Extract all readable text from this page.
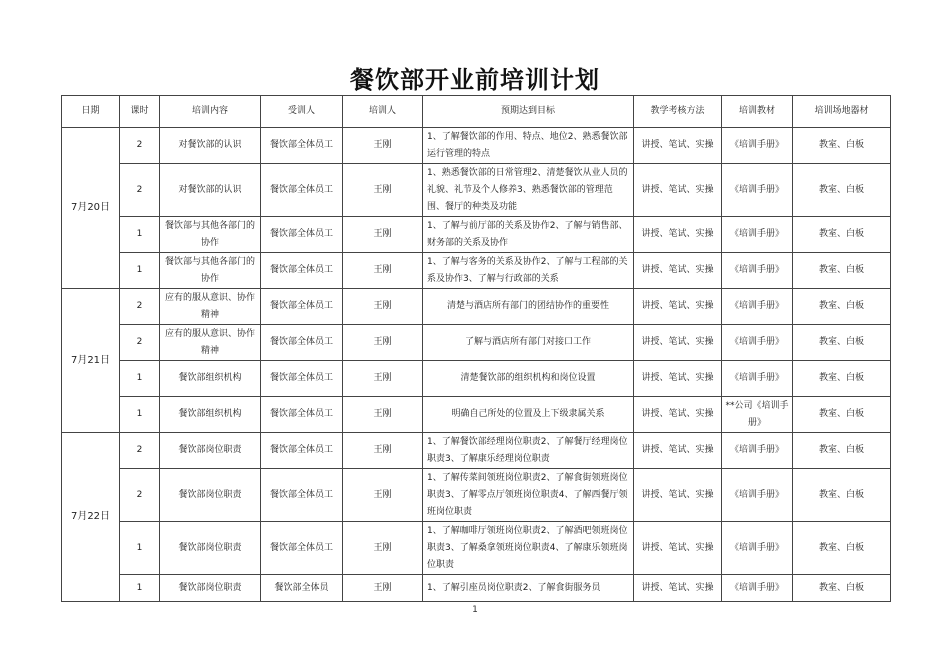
餐饮部开业前培训计划
日期	课时	培训内容	受训人	培训人	预期达到目标	教学考核方法	培训教材	培训场地器材
7月20日	2	对餐饮部的认识	餐饮部全体员工	王刚	1、了解餐饮部的作用、特点、地位2、熟悉餐饮部运行管理的特点	讲授、笔试、实操	《培训手册》	教室、白板
	2	对餐饮部的认识	餐饮部全体员工	王刚	1、熟悉餐饮部的日常管理2、清楚餐饮从业人员的礼貌、礼节及个人修养3、熟悉餐饮部的管理范围、餐厅的种类及功能	讲授、笔试、实操	《培训手册》	教室、白板
	1	餐饮部与其他各部门的协作	餐饮部全体员工	王刚	1、了解与前厅部的关系及协作2、了解与销售部、财务部的关系及协作	讲授、笔试、实操	《培训手册》	教室、白板
	1	餐饮部与其他各部门的协作	餐饮部全体员工	王刚	1、了解与客务的关系及协作2、了解与工程部的关系及协作3、了解与行政部的关系	讲授、笔试、实操	《培训手册》	教室、白板
7月21日	2	应有的服从意识、协作精神	餐饮部全体员工	王刚	清楚与酒店所有部门的团结协作的重要性	讲授、笔试、实操	《培训手册》	教室、白板
	2	应有的服从意识、协作精神	餐饮部全体员工	王刚	了解与酒店所有部门对接口工作	讲授、笔试、实操	《培训手册》	教室、白板
	1	餐饮部组织机构	餐饮部全体员工	王刚	清楚餐饮部的组织机构和岗位设置	讲授、笔试、实操	《培训手册》	教室、白板
	1	餐饮部组织机构	餐饮部全体员工	王刚	明确自己所处的位置及上下级隶属关系	讲授、笔试、实操	**公司《培训手册》	教室、白板
7月22日	2	餐饮部岗位职责	餐饮部全体员工	王刚	1、了解餐饮部经理岗位职责2、了解餐厅经理岗位职责3、了解康乐经理岗位职责	讲授、笔试、实操	《培训手册》	教室、白板
	2	餐饮部岗位职责	餐饮部全体员工	王刚	1、了解传菜间领班岗位职责2、了解食街领班岗位职责3、了解零点厅领班岗位职责4、了解西餐厅领班岗位职责	讲授、笔试、实操	《培训手册》	教室、白板
	1	餐饮部岗位职责	餐饮部全体员工	王刚	1、了解咖啡厅领班岗位职责2、了解酒吧领班岗位职责3、了解桑拿领班岗位职责4、了解康乐领班岗位职责	讲授、笔试、实操	《培训手册》	教室、白板
	1	餐饮部岗位职责	餐饮部全体员	王刚	1、了解引座员岗位职责2、了解食街服务员	讲授、笔试、实操	《培训手册》	教室、白板
1
